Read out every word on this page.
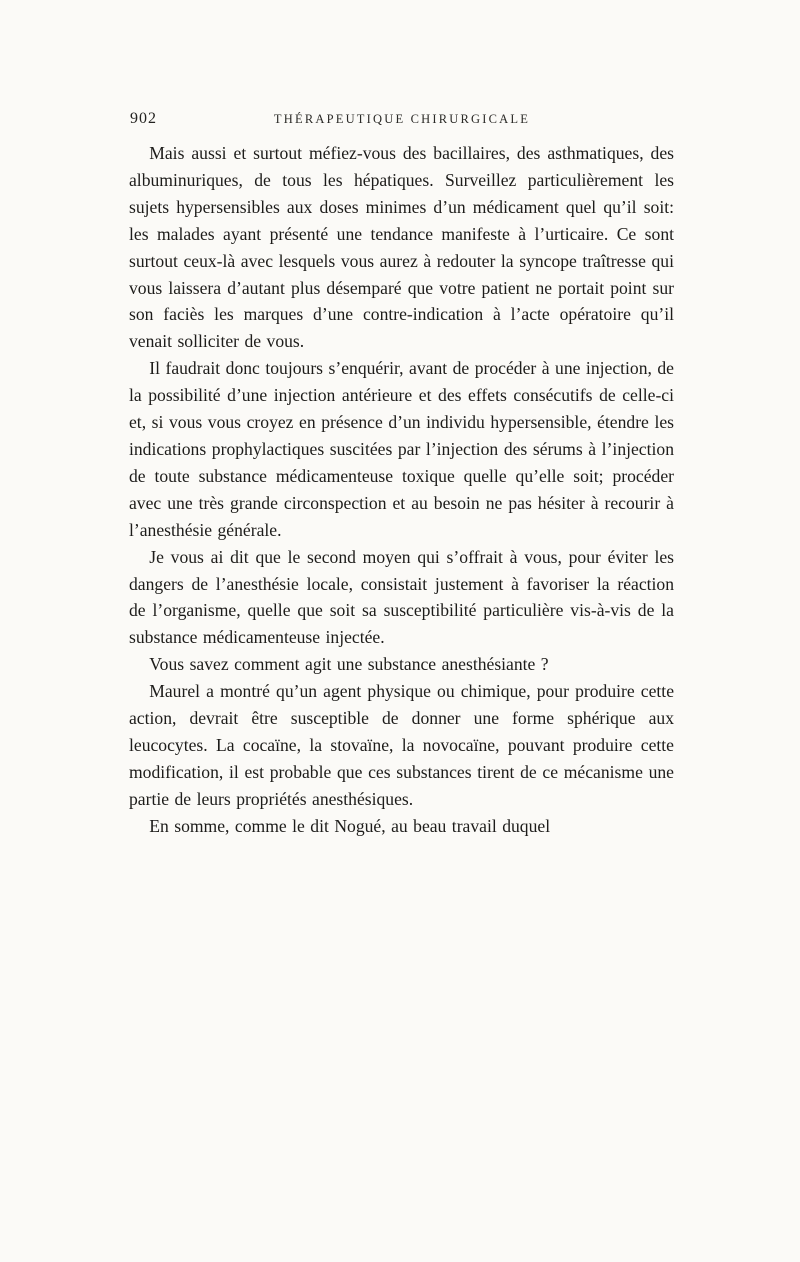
902	THÉRAPEUTIQUE CHIRURGICALE

Mais aussi et surtout méfiez-vous des bacillaires, des asthmatiques, des albuminuriques, de tous les hépatiques. Surveillez particulièrement les sujets hypersensibles aux doses minimes d’un médicament quel qu’il soit: les malades ayant présenté une tendance manifeste à l’urticaire. Ce sont surtout ceux-là avec lesquels vous aurez à redouter la syncope traîtresse qui vous laissera d’autant plus désemparé que votre patient ne portait point sur son faciès les marques d’une contre-indication à l’acte opératoire qu’il venait solliciter de vous.

Il faudrait donc toujours s’enquérir, avant de procéder à une injection, de la possibilité d’une injection antérieure et des effets consécutifs de celle-ci et, si vous vous croyez en présence d’un individu hypersensible, étendre les indications prophylactiques suscitées par l’injection des sérums à l’injection de toute substance médicamenteuse toxique quelle qu’elle soit; procéder avec une très grande circonspection et au besoin ne pas hésiter à recourir à l’anesthésie générale.

Je vous ai dit que le second moyen qui s’offrait à vous, pour éviter les dangers de l’anesthésie locale, consistait justement à favoriser la réaction de l’organisme, quelle que soit sa susceptibilité particulière vis-à-vis de la substance médicamenteuse injectée.

Vous savez comment agit une substance anesthésiante ?

Maurel a montré qu’un agent physique ou chimique, pour produire cette action, devrait être susceptible de donner une forme sphérique aux leucocytes. La cocaïne, la stovaïne, la novocaïne, pouvant produire cette modification, il est probable que ces substances tirent de ce mécanisme une partie de leurs propriétés anesthésiques.

En somme, comme le dit Nogué, au beau travail duquel
